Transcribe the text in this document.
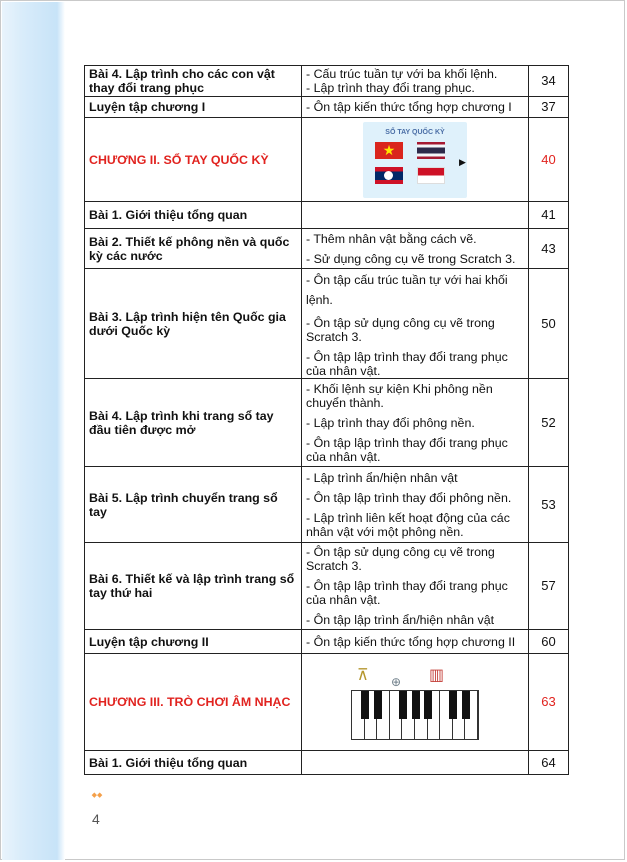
Bài 4. Lập trình cho các con vật thay đổi trang phục	- Cấu trúc tuần tự với ba khối lệnh.
- Lập trình thay đổi trang phục.	34
Luyện tập chương I	- Ôn tập kiến thức tổng hợp chương I	37
CHƯƠNG II. SỔ TAY QUỐC KỲ	SỔ TAY QUỐC KỲ
★
▶	40
Bài 1. Giới thiệu tổng quan		41
Bài 2. Thiết kế phông nền và quốc kỳ các nước	- Thêm nhân vật bằng cách vẽ.
- Sử dụng công cụ vẽ trong Scratch 3.	43
Bài 3. Lập trình hiện tên Quốc gia dưới Quốc kỳ	- Ôn tập cấu trúc tuần tự với hai khối lệnh.
- Ôn tập sử dụng công cụ vẽ trong Scratch 3.
- Ôn tập lập trình thay đổi trang phục của nhân vật.	50
Bài 4. Lập trình khi trang sổ tay đầu tiên được mở	- Khối lệnh sự kiện Khi phông nền chuyển thành.
- Lập trình thay đổi phông nền.
- Ôn tập lập trình thay đổi trang phục của nhân vật.	52
Bài 5. Lập trình chuyển trang sổ tay	- Lập trình ẩn/hiện nhân vật
- Ôn tập lập trình thay đổi phông nền.
- Lập trình liên kết hoạt động của các nhân vật với một phông nền.	53
Bài 6. Thiết kế và lập trình trang sổ tay thứ hai	- Ôn tập sử dụng công cụ vẽ trong Scratch 3.
- Ôn tập lập trình thay đổi trang phục của nhân vật.
- Ôn tập lập trình ẩn/hiện nhân vật	57
Luyện tập chương II	- Ôn tập kiến thức tổng hợp chương II	60
CHƯƠNG III. TRÒ CHƠI ÂM NHẠC	⊼ ⊕ ▥	63
Bài 1. Giới thiệu tổng quan		64
◆◆
4
